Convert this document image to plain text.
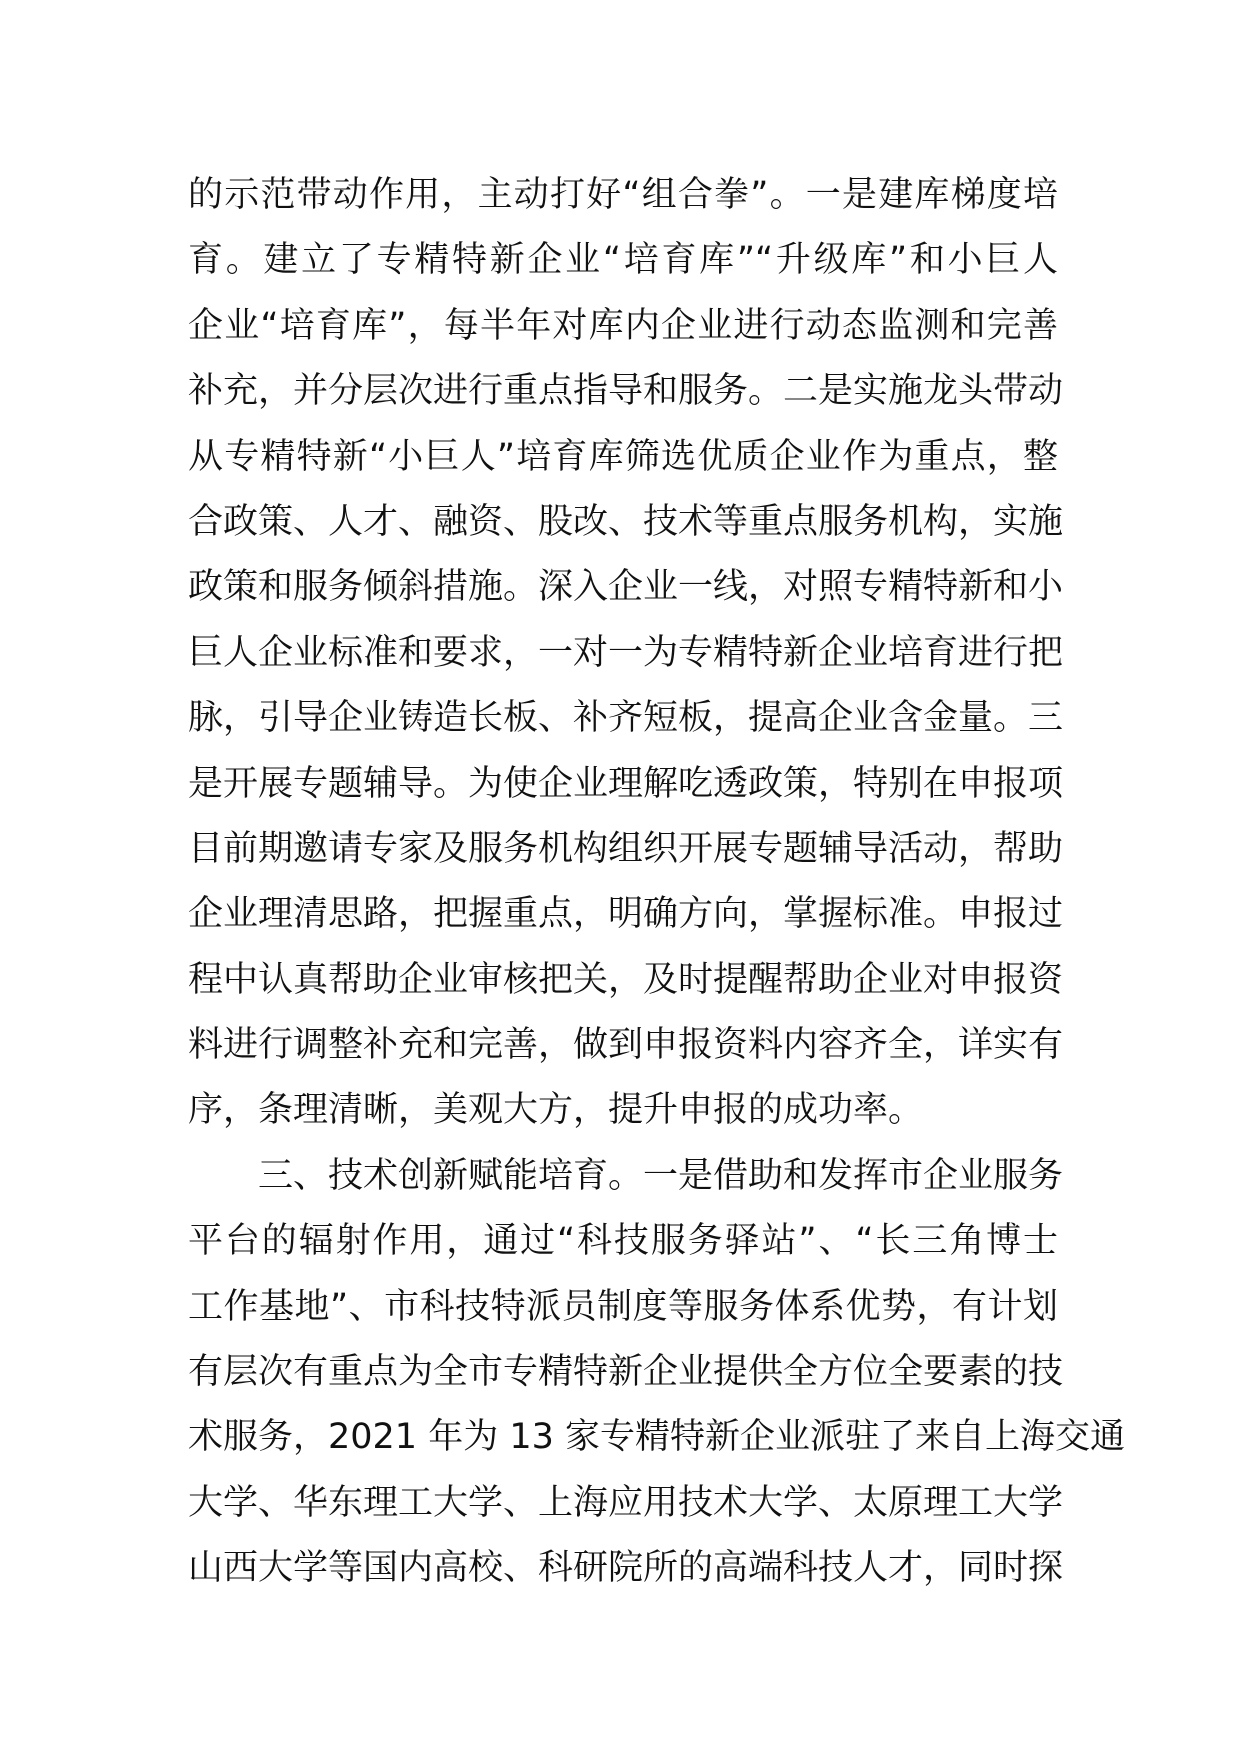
的示范带动作用，主动打好“组合拳”。一是建库梯度培
育。建立了专精特新企业“培育库”“升级库”和小巨人
企业“培育库”，每半年对库内企业进行动态监测和完善
补充，并分层次进行重点指导和服务。二是实施龙头带动
从专精特新“小巨人”培育库筛选优质企业作为重点，整
合政策、人才、融资、股改、技术等重点服务机构，实施
政策和服务倾斜措施。深入企业一线，对照专精特新和小
巨人企业标准和要求，一对一为专精特新企业培育进行把
脉，引导企业铸造长板、补齐短板，提高企业含金量。三
是开展专题辅导。为使企业理解吃透政策，特别在申报项
目前期邀请专家及服务机构组织开展专题辅导活动，帮助
企业理清思路，把握重点，明确方向，掌握标准。申报过
程中认真帮助企业审核把关，及时提醒帮助企业对申报资
料进行调整补充和完善，做到申报资料内容齐全，详实有
序，条理清晰，美观大方，提升申报的成功率。
三、技术创新赋能培育。一是借助和发挥市企业服务
平台的辐射作用，通过“科技服务驿站”、“长三角博士
工作基地”、市科技特派员制度等服务体系优势，有计划
有层次有重点为全市专精特新企业提供全方位全要素的技
术服务，2021 年为 13 家专精特新企业派驻了来自上海交通
大学、华东理工大学、上海应用技术大学、太原理工大学
山西大学等国内高校、科研院所的高端科技人才，同时探
